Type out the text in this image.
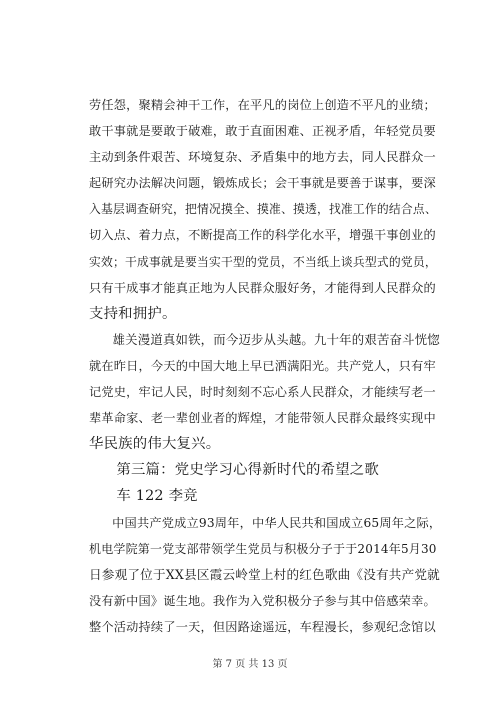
劳任怨，聚精会神干工作，在平凡的岗位上创造不平凡的业绩；
敢干事就是要敢于破难，敢于直面困难、正视矛盾，年轻党员要
主动到条件艰苦、环境复杂、矛盾集中的地方去，同人民群众一
起研究办法解决问题，锻炼成长；会干事就是要善于谋事，要深
入基层调查研究，把情况摸全、摸准、摸透，找准工作的结合点、
切入点、着力点，不断提高工作的科学化水平，增强干事创业的
实效；干成事就是要当实干型的党员，不当纸上谈兵型式的党员，
只有干成事才能真正地为人民群众服好务，才能得到人民群众的
支持和拥护。
雄关漫道真如铁，而今迈步从头越。九十年的艰苦奋斗恍惚
就在昨日，今天的中国大地上早已洒满阳光。共产党人，只有牢
记党史，牢记人民，时时刻刻不忘心系人民群众，才能续写老一
辈革命家、老一辈创业者的辉煌，才能带领人民群众最终实现中
华民族的伟大复兴。
第三篇：党史学习心得新时代的希望之歌
车 122 李竞
中国共产党成立93周年，中华人民共和国成立65周年之际，
机电学院第一党支部带领学生党员与积极分子于于2014年5月30
日参观了位于XX县区霞云岭堂上村的红色歌曲《没有共产党就
没有新中国》诞生地。我作为入党积极分子参与其中倍感荣幸。
整个活动持续了一天，但因路途遥远，车程漫长，参观纪念馆以
第 7 页 共 13 页
